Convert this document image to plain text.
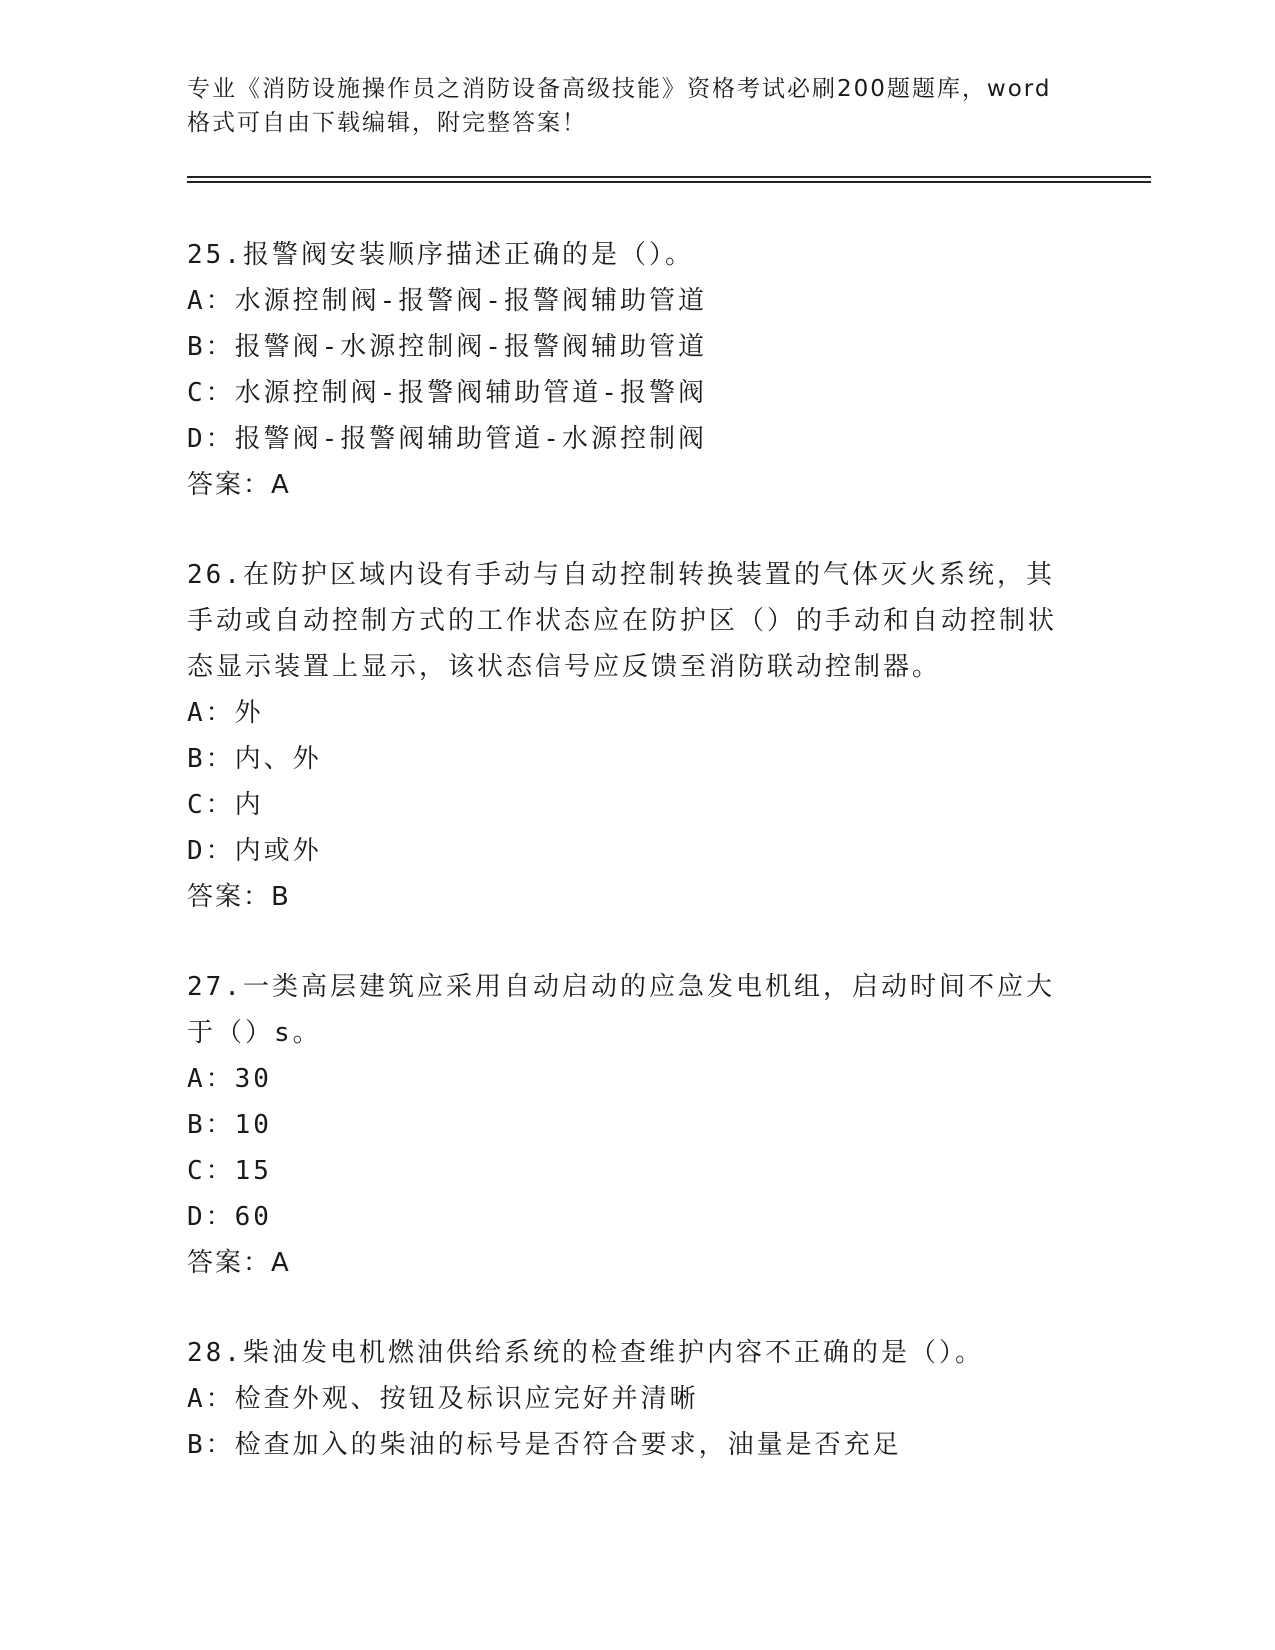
专业《消防设施操作员之消防设备高级技能》资格考试必刷200题题库，word格式可自由下载编辑，附完整答案！
25.报警阀安装顺序描述正确的是（）。
A：水源控制阀-报警阀-报警阀辅助管道
B：报警阀-水源控制阀-报警阀辅助管道
C：水源控制阀-报警阀辅助管道-报警阀
D：报警阀-报警阀辅助管道-水源控制阀
答案：A
26.在防护区域内设有手动与自动控制转换装置的气体灭火系统，其手动或自动控制方式的工作状态应在防护区（）的手动和自动控制状态显示装置上显示，该状态信号应反馈至消防联动控制器。
A：外
B：内、外
C：内
D：内或外
答案：B
27.一类高层建筑应采用自动启动的应急发电机组，启动时间不应大于（）s。
A：30
B：10
C：15
D：60
答案：A
28.柴油发电机燃油供给系统的检查维护内容不正确的是（）。
A：检查外观、按钮及标识应完好并清晰
B：检查加入的柴油的标号是否符合要求，油量是否充足
